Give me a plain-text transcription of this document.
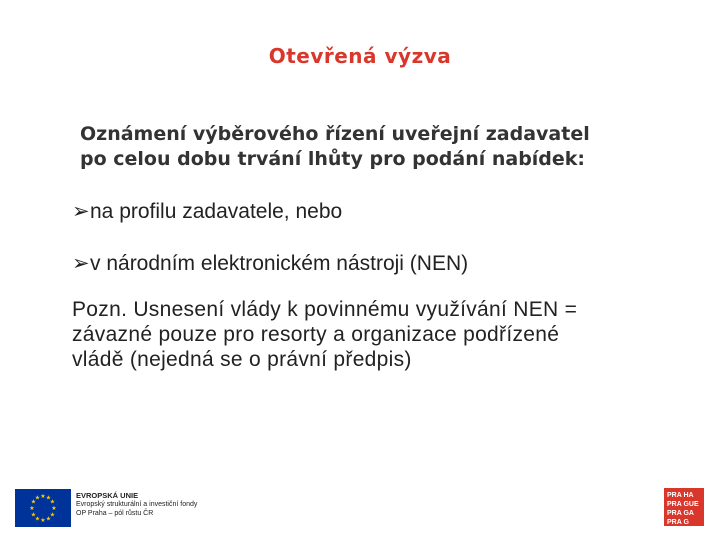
Otevřená výzva

Oznámení výběrového řízení uveřejní zadavatel
po celou dobu trvání lhůty pro podání nabídek:

➢na profilu zadavatele, nebo
➢v národním elektronickém nástroji (NEN)

Pozn. Usnesení vlády k povinnému využívání NEN =
závazné pouze pro resorty a organizace podřízené
vládě (nejedná se o právní předpis)

★ ★
★
★
★
★
★
★
★
★
★
★	EVROPSKÁ UNIE
Evropský strukturální a investiční fondy
OP Praha – pól růstu ČR
PRA HA
PRA GUE
PRA GA
PRA G
